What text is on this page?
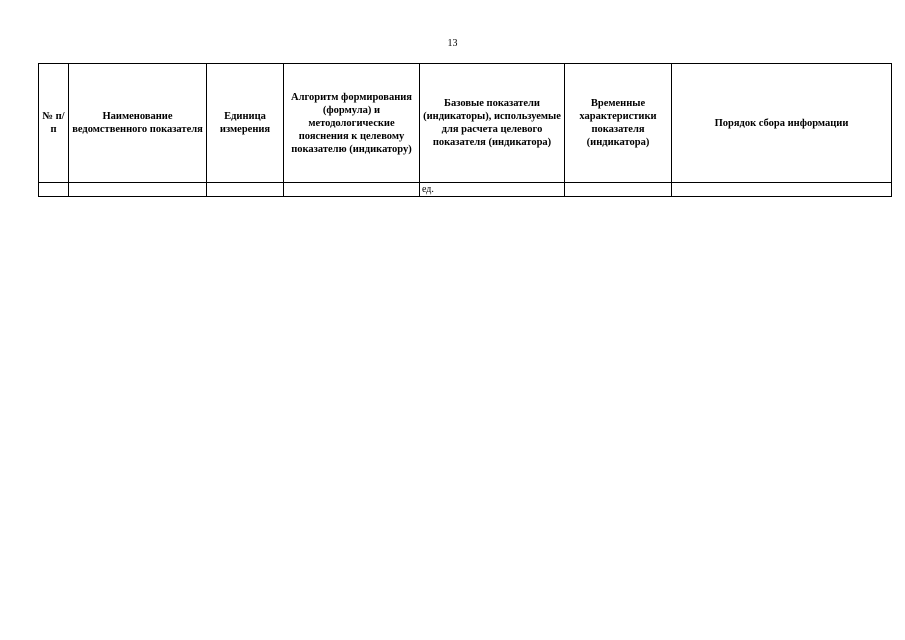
13
№ п/п	Наименование ведомственного показателя	Единица измерения	Алгоритм формирования (формула) и методологические пояснения к целевому показателю (индикатору)	Базовые показатели (индикаторы), используемые для расчета целевого показателя (индикатора)	Временные характеристики показателя (индикатора)	Порядок сбора информации
				ед.		
